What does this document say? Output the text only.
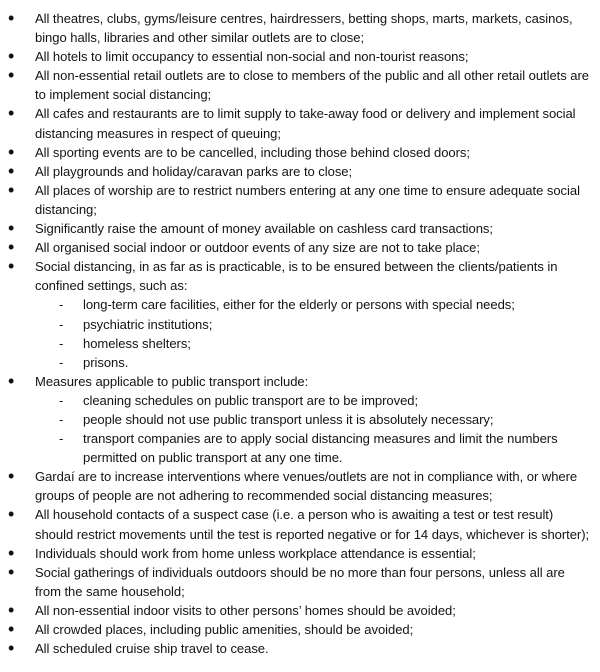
• All theatres, clubs, gyms/leisure centres, hairdressers, betting shops, marts, markets, casinos, bingo halls, libraries and other similar outlets are to close;
• All hotels to limit occupancy to essential non-social and non-tourist reasons;
• All non-essential retail outlets are to close to members of the public and all other retail outlets are to implement social distancing;
• All cafes and restaurants are to limit supply to take-away food or delivery and implement social distancing measures in respect of queuing;
• All sporting events are to be cancelled, including those behind closed doors;
• All playgrounds and holiday/caravan parks are to close;
• All places of worship are to restrict numbers entering at any one time to ensure adequate social distancing;
• Significantly raise the amount of money available on cashless card transactions;
• All organised social indoor or outdoor events of any size are not to take place;
• Social distancing, in as far as is practicable, is to be ensured between the clients/patients in confined settings, such as:
- long-term care facilities, either for the elderly or persons with special needs;
- psychiatric institutions;
- homeless shelters;
- prisons.
• Measures applicable to public transport include:
- cleaning schedules on public transport are to be improved;
- people should not use public transport unless it is absolutely necessary;
- transport companies are to apply social distancing measures and limit the numbers permitted on public transport at any one time.
• Gardaí are to increase interventions where venues/outlets are not in compliance with, or where groups of people are not adhering to recommended social distancing measures;
• All household contacts of a suspect case (i.e. a person who is awaiting a test or test result) should restrict movements until the test is reported negative or for 14 days, whichever is shorter);
• Individuals should work from home unless workplace attendance is essential;
• Social gatherings of individuals outdoors should be no more than four persons, unless all are from the same household;
• All non-essential indoor visits to other persons’ homes should be avoided;
• All crowded places, including public amenities, should be avoided;
• All scheduled cruise ship travel to cease.
